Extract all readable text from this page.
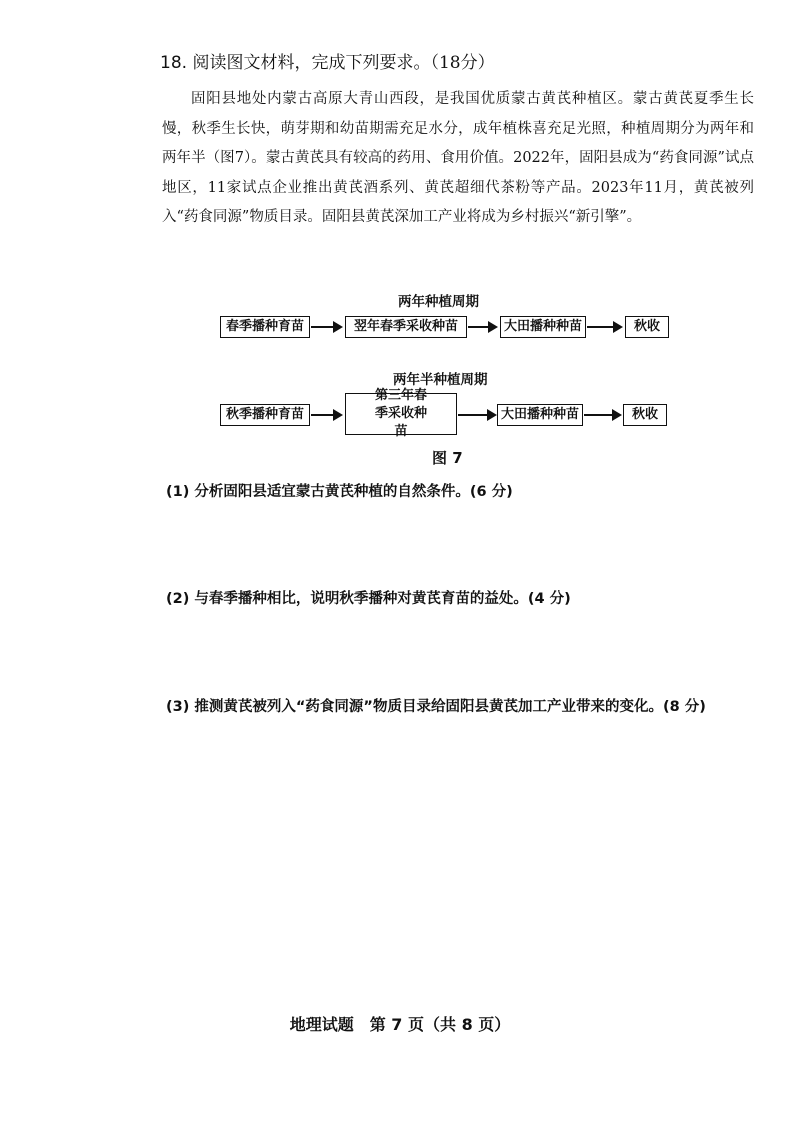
18. 阅读图文材料，完成下列要求。（18分）

固阳县地处内蒙古高原大青山西段，是我国优质蒙古黄芪种植区。蒙古黄芪夏季生长慢，秋季生长快，萌芽期和幼苗期需充足水分，成年植株喜充足光照，种植周期分为两年和两年半（图7）。蒙古黄芪具有较高的药用、食用价值。2022年，固阳县成为“药食同源”试点地区，11家试点企业推出黄芪酒系列、黄芪超细代茶粉等产品。2023年11月，黄芪被列入“药食同源”物质目录。固阳县黄芪深加工产业将成为乡村振兴“新引擎”。

两年种植周期
春季播种育苗	翌年春季采收种苗	大田播种种苗	秋收
两年半种植周期
秋季播种育苗
第三年春季采收种苗
大田播种种苗	秋收
图 7
(1) 分析固阳县适宜蒙古黄芪种植的自然条件。(6 分)
(2) 与春季播种相比，说明秋季播种对黄芪育苗的益处。(4 分)
(3) 推测黄芪被列入“药食同源”物质目录给固阳县黄芪加工产业带来的变化。(8 分)
地理试题　第 7 页（共 8 页）
